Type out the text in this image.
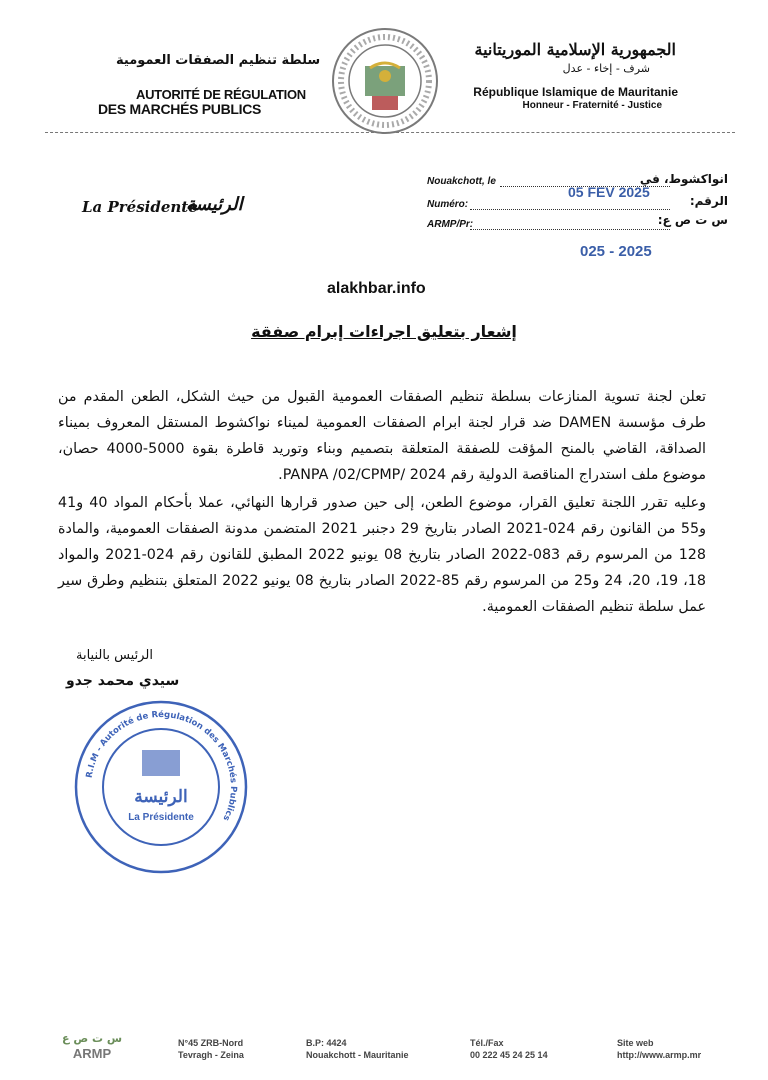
الجمهورية الإسلامية الموريتانية
شرف - إخاء - عدل
République Islamique de Mauritanie
Honneur - Fraternité - Justice
سلطة تنظيم الصفقات العمومية
AUTORITÉ DE RÉGULATION
DES MARCHÉS PUBLICS
انواكشوط، في
Nouakchott, le
05 FEV 2025
الرقم:
Numéro:
س ت ص ع:
ARMP/Pr:
025 - 2025
La Présidente
الرئيسة
alakhbar.info
إشعار بتعليق اجراءات إبرام صفقة
تعلن لجنة تسوية المنازعات بسلطة تنظيم الصفقات العمومية القبول من حيث الشكل، الطعن المقدم من طرف مؤسسة DAMEN ضد قرار لجنة ابرام الصفقات العمومية لميناء نواكشوط المستقل المعروف بميناء الصداقة، القاضي بالمنح المؤقت للصفقة المتعلقة بتصميم وبناء وتوريد قاطرة بقوة 5000-4000 حصان، موضوع ملف استدراج المناقصة الدولية رقم 2024 /PANPA /02/CPMP.
وعليه تقرر اللجنة تعليق القرار، موضوع الطعن، إلى حين صدور قرارها النهائي، عملا بأحكام المواد 40 و41 و55 من القانون رقم 024-2021 الصادر بتاريخ 29 دجنبر 2021 المتضمن مدونة الصفقات العمومية، والمادة 128 من المرسوم رقم 083-2022 الصادر بتاريخ 08 يونيو 2022 المطبق للقانون رقم 024-2021 والمواد 18، 19، 20، 24 و25 من المرسوم رقم 85-2022 الصادر بتاريخ 08 يونيو 2022 المتعلق بتنظيم وطرق سير عمل سلطة تنظيم الصفقات العمومية.
الرئيس بالنيابة
سيدي محمد جدو
R.I.M - Autorité de Régulation des Marchés Publics
الرئيسة
La Présidente
س ت ص ع
ARMP
N°45 ZRB-Nord
Tevragh - Zeina
B.P: 4424
Nouakchott - Mauritanie
Tél./Fax
00 222 45 24 25 14
Site web
http://www.armp.mr
